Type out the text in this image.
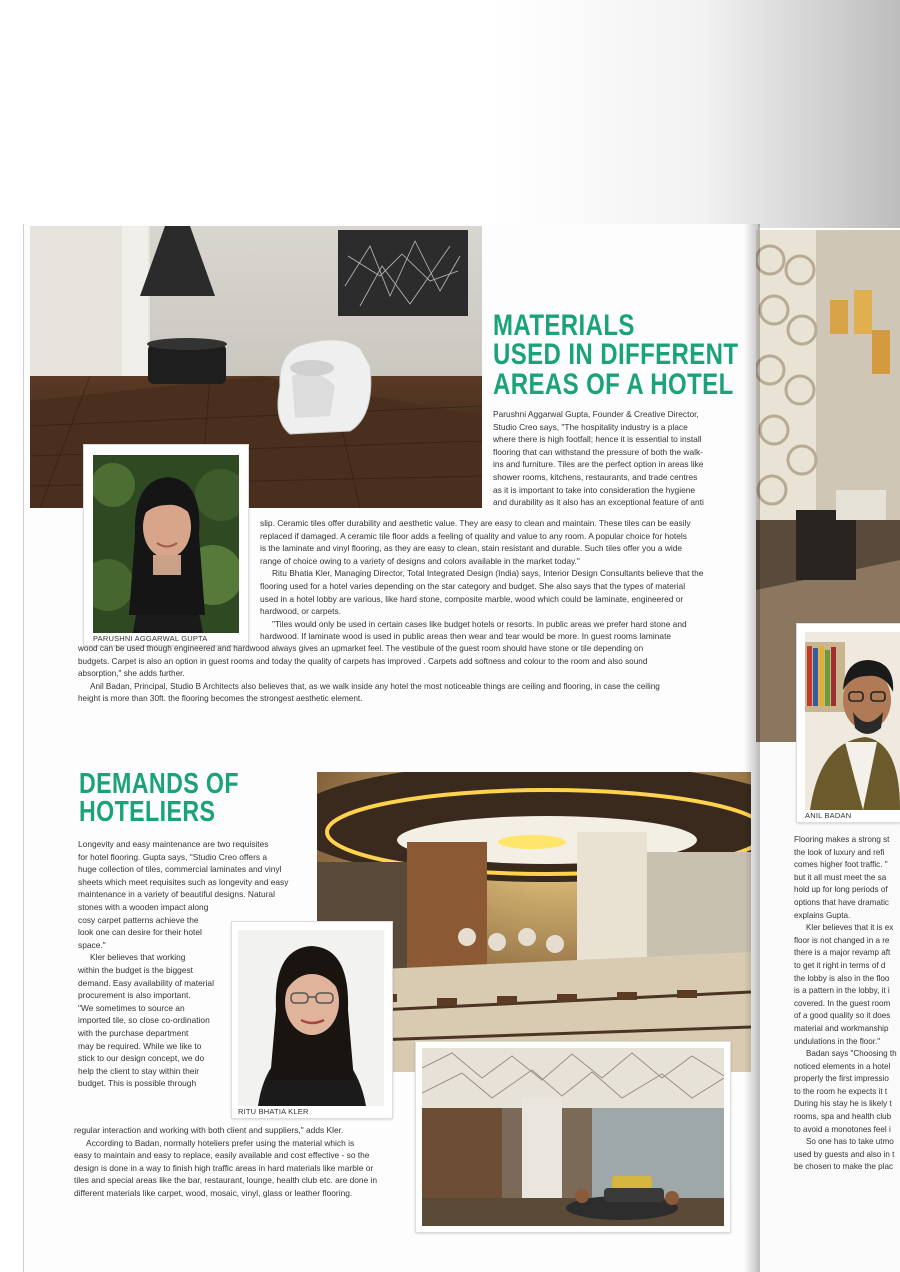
MATERIALS
USED IN DIFFERENT
AREAS OF A HOTEL
PARUSHNI AGGARWAL GUPTA

Parushni Aggarwal Gupta, Founder & Creative Director,

Studio Creo says, "The hospitality industry is a place

where there is high footfall; hence it is essential to install

flooring that can withstand the pressure of both the walk-

ins and furniture. Tiles are the perfect option in areas like

shower rooms, kitchens, restaurants, and trade centres

as it is important to take into consideration the hygiene

and durability as it also has an exceptional feature of anti

slip. Ceramic tiles offer durability and aesthetic value. They are easy to clean and maintain. These tiles can be easily

replaced if damaged. A ceramic tile floor adds a feeling of quality and value to any room. A popular choice for hotels

is the laminate and vinyl flooring, as they are easy to clean, stain resistant and durable. Such tiles offer you a wide

range of choice owing to a variety of designs and colors available in the market today."

Ritu Bhatia Kler, Managing Director, Total Integrated Design (India) says, Interior Design Consultants believe that the

flooring used for a hotel varies depending on the star category and budget. She also says that the types of material

used in a hotel lobby are various, like hard stone, composite marble, wood which could be laminate, engineered or

hardwood, or carpets.

"Tiles would only be used in certain cases like budget hotels or resorts. In public areas we prefer hard stone and

hardwood. If laminate wood is used in public areas then wear and tear would be more. In guest rooms laminate

wood can be used though engineered and hardwood always gives an upmarket feel. The vestibule of the guest room should have stone or tile depending on

budgets. Carpet is also an option in guest rooms and today the quality of carpets has improved . Carpets add softness and colour to the room and also sound

absorption," she adds further.

Anil Badan, Principal, Studio B Architects also believes that, as we walk inside any hotel the most noticeable things are ceiling and flooring, in case the ceiling

height is more than 30ft. the flooring becomes the strongest aesthetic element.

DEMANDS OF
HOTELIERS

Longevity and easy maintenance are two requisites

for hotel flooring. Gupta says, "Studio Creo offers a

huge collection of tiles, commercial laminates and vinyl

sheets which meet requisites such as longevity and easy

maintenance in a variety of beautiful designs. Natural

stones with a wooden impact along

cosy carpet patterns achieve the

look one can desire for their hotel

space."

Kler believes that working

within the budget is the biggest

demand. Easy availability of material

procurement is also important.

"We sometimes to source an

imported tile, so close co-ordination

with the purchase department

may be required. While we like to

stick to our design concept, we do

help the client to stay within their

budget. This is possible through

RITU BHATIA KLER

regular interaction and working with both client and suppliers," adds Kler.

According to Badan, normally hoteliers prefer using the material which is

easy to maintain and easy to replace, easily available and cost effective - so the

design is done in a way to finish high traffic areas in hard materials like marble or

tiles and special areas like the bar, restaurant, lounge, health club etc. are done in

different materials like carpet, wood, mosaic, vinyl, glass or leather flooring.

ANIL BADAN

Flooring makes a strong st

the look of luxury and refi

comes higher foot traffic. "

but it all must meet the sa

hold up for long periods of

options that have dramatic

explains Gupta.

Kler believes that it is ex

floor is not changed in a re

there is a major revamp aft

to get it right in terms of d

the lobby is also in the floo

is a pattern in the lobby, it i

covered. In the guest room

of a good quality so it does

material and workmanship

undulations in the floor."

Badan says "Choosing th

noticed elements in a hotel

properly the first impressio

to the room he expects it t

During his stay he is likely t

rooms, spa and health club

to avoid a monotones feel i

So one has to take utmo

used by guests and also in t

be chosen to make the plac
